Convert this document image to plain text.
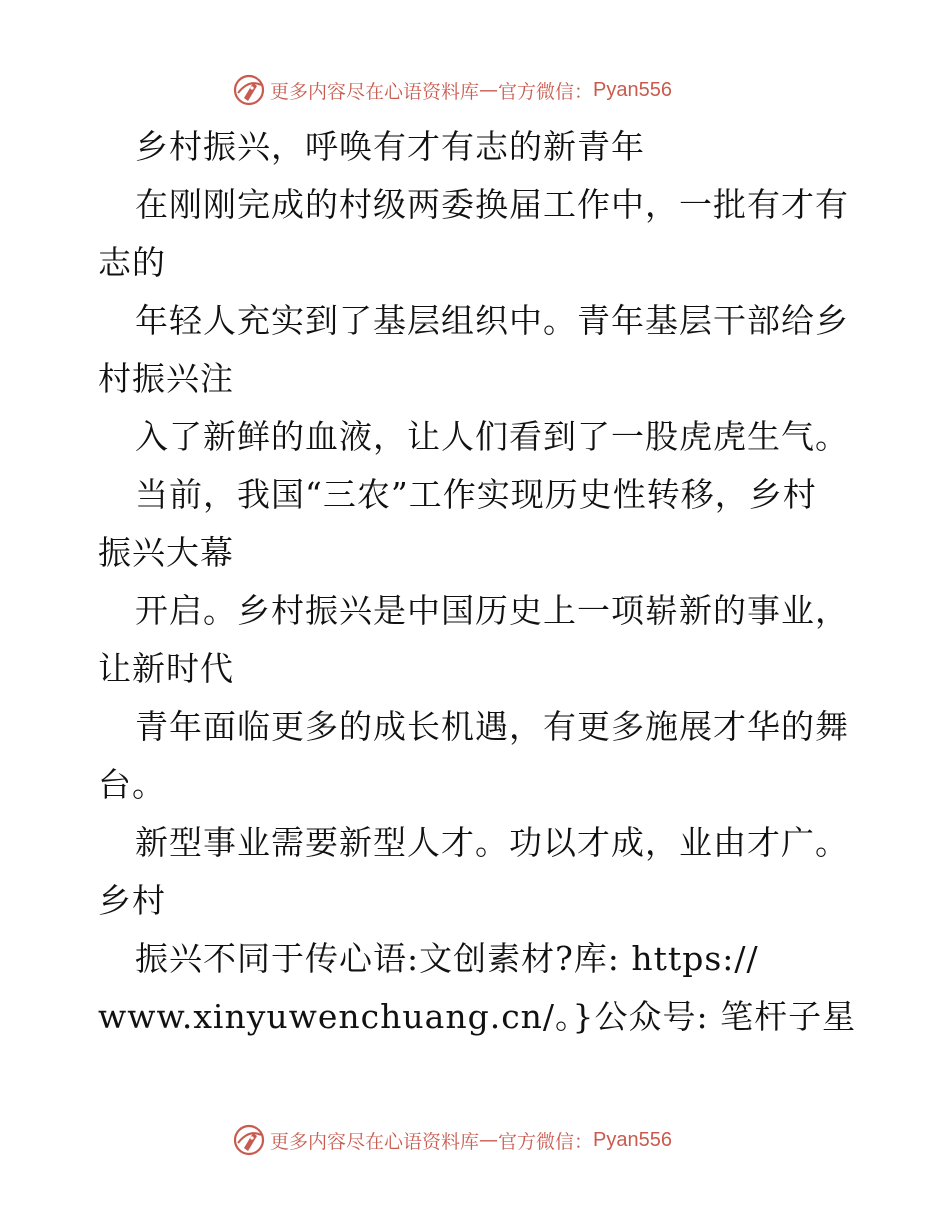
更多内容尽在心语资料库 — 官方微信： Pyan556
乡村振兴，呼唤有才有志的新青年
在刚刚完成的村级两委换届工作中，一批有才有
志的
年轻人充实到了基层组织中。青年基层干部给乡
村振兴注
入了新鲜的血液，让人们看到了一股虎虎生气。
当前，我国“三农”工作实现历史性转移，乡村
振兴大幕
开启。乡村振兴是中国历史上一项崭新的事业，
让新时代
青年面临更多的成长机遇，有更多施展才华的舞
台。
新型事业需要新型人才。功以才成，业由才广。
乡村
振兴不同于传心语:文创素材?库: https://
www.xinyuwenchuang.cn/。}公众号: 笔杆子星
更多内容尽在心语资料库 — 官方微信： Pyan556
